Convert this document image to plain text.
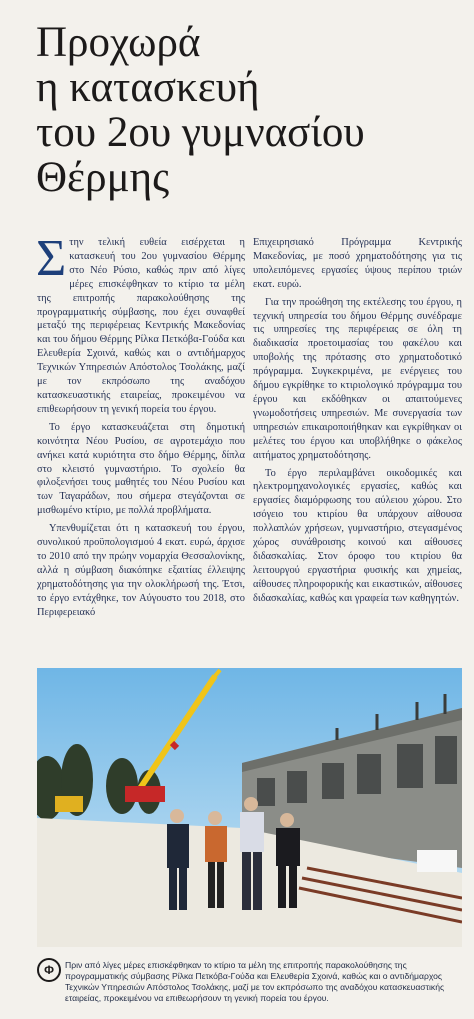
Προχωρά
η κατασκευή
του 2ου γυμνασίου
Θέρμης

Στην τελική ευθεία εισέρχεται η κατασκευή του 2ου γυμνασίου Θέρμης στο Νέο Ρύσιο, καθώς πριν από λίγες μέρες επισκέφθηκαν το κτίριο τα μέλη της επιτροπής παρακολούθησης της προγραμματικής σύμβασης, που έχει συναφθεί μεταξύ της περιφέρειας Κεντρικής Μακεδονίας και του δήμου Θέρμης Ρίλκα Πετκόβα-Γούδα και Ελευθερία Σχοινά, καθώς και ο αντιδήμαρχος Τεχνικών Υπηρεσιών Απόστολος Τσολάκης, μαζί με τον εκπρόσωπο της αναδόχου κατασκευαστικής εταιρείας, προκειμένου να επιθεωρήσουν τη γενική πορεία του έργου.

Το έργο κατασκευάζεται στη δημοτική κοινότητα Νέου Ρυσίου, σε αγροτεμάχιο που ανήκει κατά κυριότητα στο δήμο Θέρμης, δίπλα στο κλειστό γυμναστήριο. Το σχολείο θα φιλοξενήσει τους μαθητές του Νέου Ρυσίου και των Ταγαράδων, που σήμερα στεγάζονται σε μισθωμένο κτίριο, με πολλά προβλήματα.

Υπενθυμίζεται ότι η κατασκευή του έργου, συνολικού προϋπολογισμού 4 εκατ. ευρώ, άρχισε το 2010 από την πρώην νομαρχία Θεσσαλονίκης, αλλά η σύμβαση διακόπηκε εξαιτίας έλλειψης χρηματοδότησης για την ολοκλήρωσή της. Έτσι, το έργο εντάχθηκε, τον Αύγουστο του 2018, στο Περιφερειακό

Επιχειρησιακό Πρόγραμμα Κεντρικής Μακεδονίας, με ποσό χρηματοδότησης για τις υπολειπόμενες εργασίες ύψους περίπου τριών εκατ. ευρώ.

Για την προώθηση της εκτέλεσης του έργου, η τεχνική υπηρεσία του δήμου Θέρμης συνέδραμε τις υπηρεσίες της περιφέρειας σε όλη τη διαδικασία προετοιμασίας του φακέλου και υποβολής της πρότασης στο χρηματοδοτικό πρόγραμμα. Συγκεκριμένα, με ενέργειες του δήμου εγκρίθηκε το κτιριολογικό πρόγραμμα του έργου και εκδόθηκαν οι απαιτούμενες γνωμοδοτήσεις υπηρεσιών. Με συνεργασία των υπηρεσιών επικαιροποιήθηκαν και εγκρίθηκαν οι μελέτες του έργου και υποβλήθηκε ο φάκελος αιτήματος χρηματοδότησης.

Το έργο περιλαμβάνει οικοδομικές και ηλεκτρομηχανολογικές εργασίες, καθώς και εργασίες διαμόρφωσης του αύλειου χώρου. Στο ισόγειο του κτιρίου θα υπάρχουν αίθουσα πολλαπλών χρήσεων, γυμναστήριο, στεγασμένος χώρος συνάθροισης κοινού και αίθουσες διδασκαλίας. Στον όροφο του κτιρίου θα λειτουργού εργαστήρια φυσικής και χημείας, αίθουσες πληροφορικής και εικαστικών, αίθουσες διδασκαλίας, καθώς και γραφεία των καθηγητών.

Φ	Πριν από λίγες μέρες επισκέφθηκαν το κτίριο τα μέλη της επιτροπής παρακολούθησης της προγραμματικής σύμβασης Ρίλκα Πετκόβα-Γούδα και Ελευθερία Σχοινά, καθώς και ο αντιδήμαρχος Τεχνικών Υπηρεσιών Απόστολος Τσολάκης, μαζί με τον εκπρόσωπο της αναδόχου κατασκευαστικής εταιρείας, προκειμένου να επιθεωρήσουν τη γενική πορεία του έργου.
